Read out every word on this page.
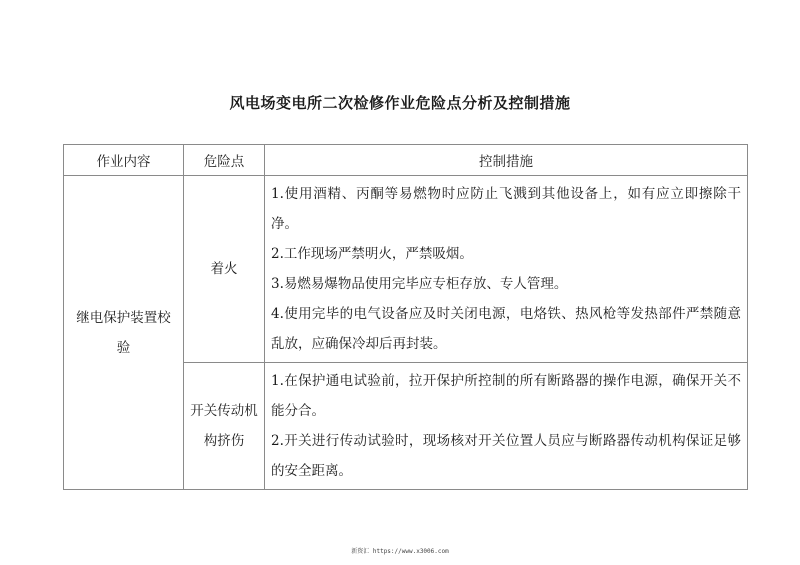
风电场变电所二次检修作业危险点分析及控制措施
作业内容	危险点	控制措施
继电保护装置校验	着火	1.使用酒精、丙酮等易燃物时应防止飞溅到其他设备上，如有应立即擦除干净。

2.工作现场严禁明火，严禁吸烟。

3.易燃易爆物品使用完毕应专柜存放、专人管理。

4.使用完毕的电气设备应及时关闭电源，电烙铁、热风枪等发热部件严禁随意乱放，应确保冷却后再封装。

	开关传动机构挤伤	1.在保护通电试验前，拉开保护所控制的所有断路器的操作电源，确保开关不能分合。

2.开关进行传动试验时，现场核对开关位置人员应与断路器传动机构保证足够的安全距离。

新资汇 https://www.x3006.com
